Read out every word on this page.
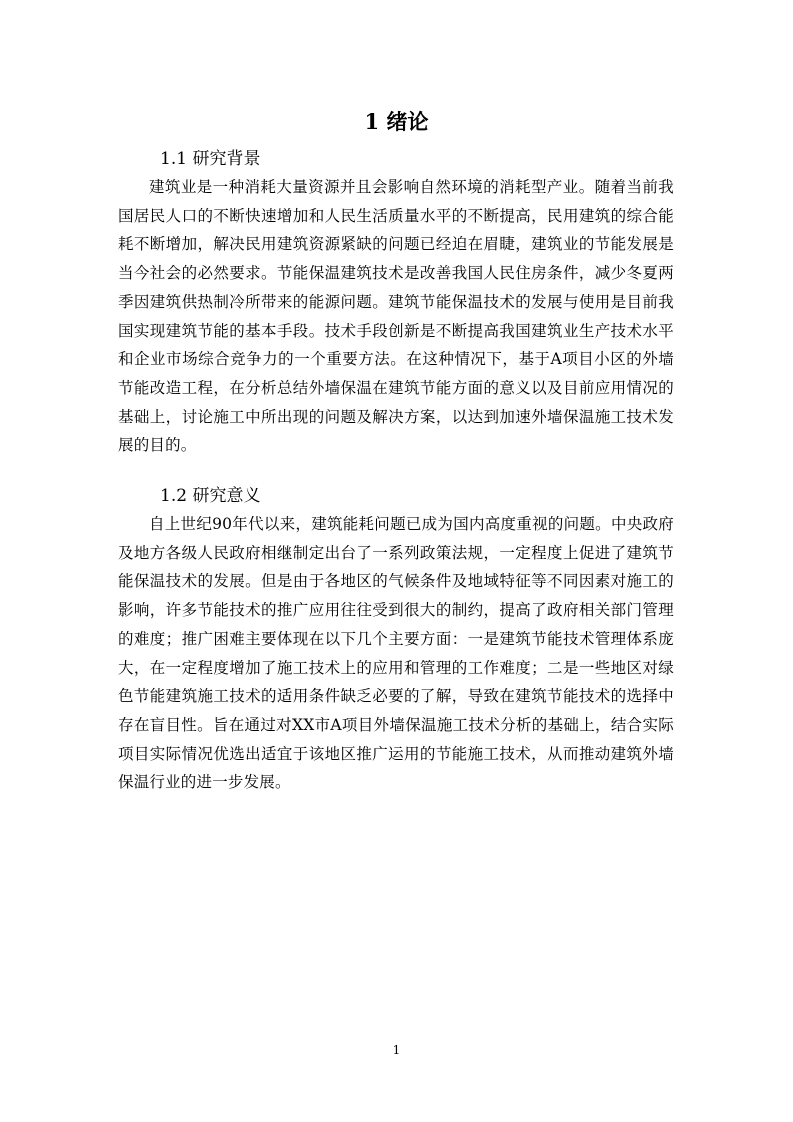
1 绪论
1.1 研究背景

建筑业是一种消耗大量资源并且会影响自然环境的消耗型产业。随着当前我国居民人口的不断快速增加和人民生活质量水平的不断提高，民用建筑的综合能耗不断增加，解决民用建筑资源紧缺的问题已经迫在眉睫，建筑业的节能发展是当今社会的必然要求。节能保温建筑技术是改善我国人民住房条件，减少冬夏两季因建筑供热制冷所带来的能源问题。建筑节能保温技术的发展与使用是目前我国实现建筑节能的基本手段。技术手段创新是不断提高我国建筑业生产技术水平和企业市场综合竞争力的一个重要方法。在这种情况下，基于A项目小区的外墙节能改造工程，在分析总结外墙保温在建筑节能方面的意义以及目前应用情况的基础上，讨论施工中所出现的问题及解决方案，以达到加速外墙保温施工技术发展的目的。

1.2 研究意义

自上世纪90年代以来，建筑能耗问题已成为国内高度重视的问题。中央政府及地方各级人民政府相继制定出台了一系列政策法规，一定程度上促进了建筑节能保温技术的发展。但是由于各地区的气候条件及地域特征等不同因素对施工的影响，许多节能技术的推广应用往往受到很大的制约，提高了政府相关部门管理的难度；推广困难主要体现在以下几个主要方面：一是建筑节能技术管理体系庞大，在一定程度增加了施工技术上的应用和管理的工作难度；二是一些地区对绿色节能建筑施工技术的适用条件缺乏必要的了解，导致在建筑节能技术的选择中存在盲目性。旨在通过对XX市A项目外墙保温施工技术分析的基础上，结合实际项目实际情况优选出适宜于该地区推广运用的节能施工技术，从而推动建筑外墙保温行业的进一步发展。

1
